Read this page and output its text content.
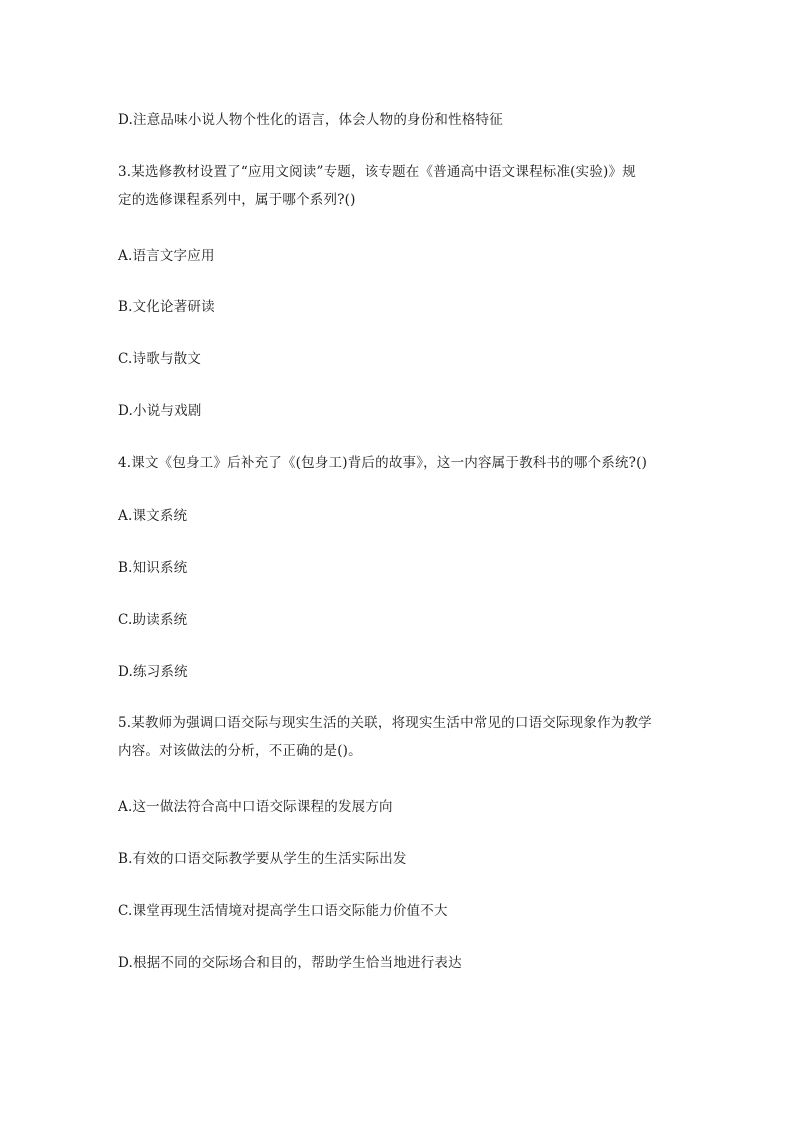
D.注意品味小说人物个性化的语言，体会人物的身份和性格特征
3.某选修教材设置了“应用文阅读”专题，该专题在《普通高中语文课程标准(实验)》规
定的选修课程系列中，属于哪个系列?()
A.语言文字应用
B.文化论著研读
C.诗歌与散文
D.小说与戏剧
4.课文《包身工》后补充了《(包身工)背后的故事》，这一内容属于教科书的哪个系统?()
A.课文系统
B.知识系统
C.助读系统
D.练习系统
5.某教师为强调口语交际与现实生活的关联，将现实生活中常见的口语交际现象作为教学
内容。对该做法的分析，不正确的是()。
A.这一做法符合高中口语交际课程的发展方向
B.有效的口语交际教学要从学生的生活实际出发
C.课堂再现生活情境对提高学生口语交际能力价值不大
D.根据不同的交际场合和目的，帮助学生恰当地进行表达
